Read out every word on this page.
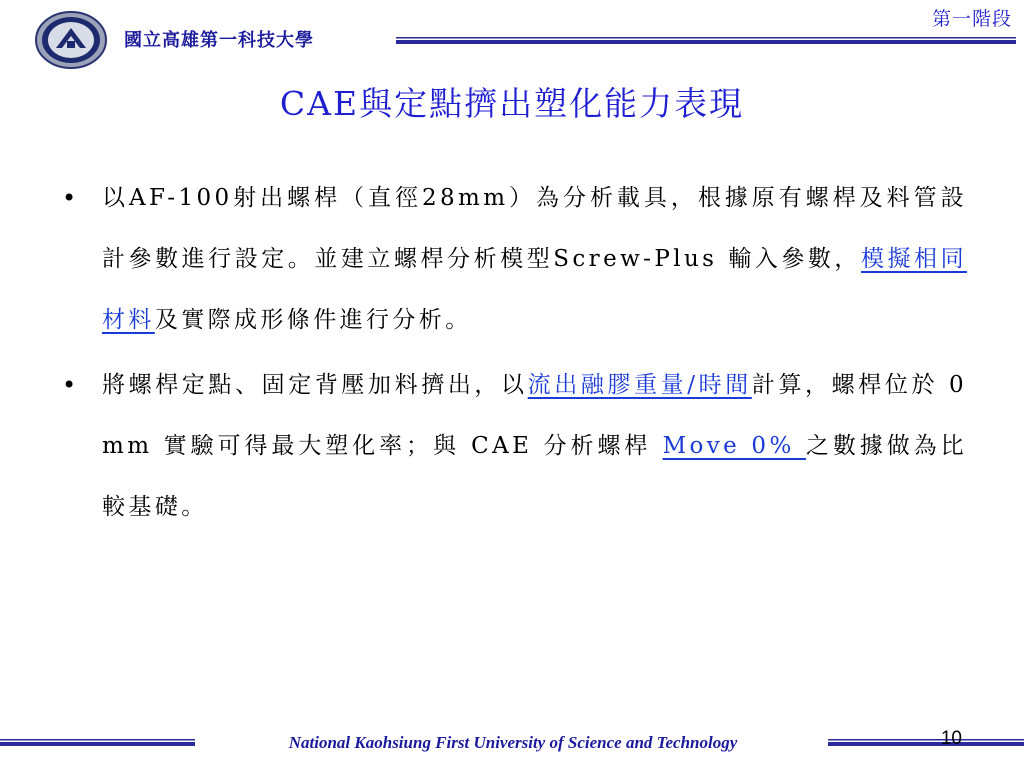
國立高雄第一科技大學
第一階段
CAE與定點擠出塑化能力表現
• 以AF-100射出螺桿（直徑28mm）為分析載具，根據原有螺桿及料管設計參數進行設定。並建立螺桿分析模型Screw-Plus 輸入參數，模擬相同材料及實際成形條件進行分析。
• 將螺桿定點、固定背壓加料擠出，以流出融膠重量/時間計算，螺桿位於 0 mm 實驗可得最大塑化率；與 CAE 分析螺桿 Move 0% 之數據做為比較基礎。
National Kaohsiung First University of Science and Technology	10
